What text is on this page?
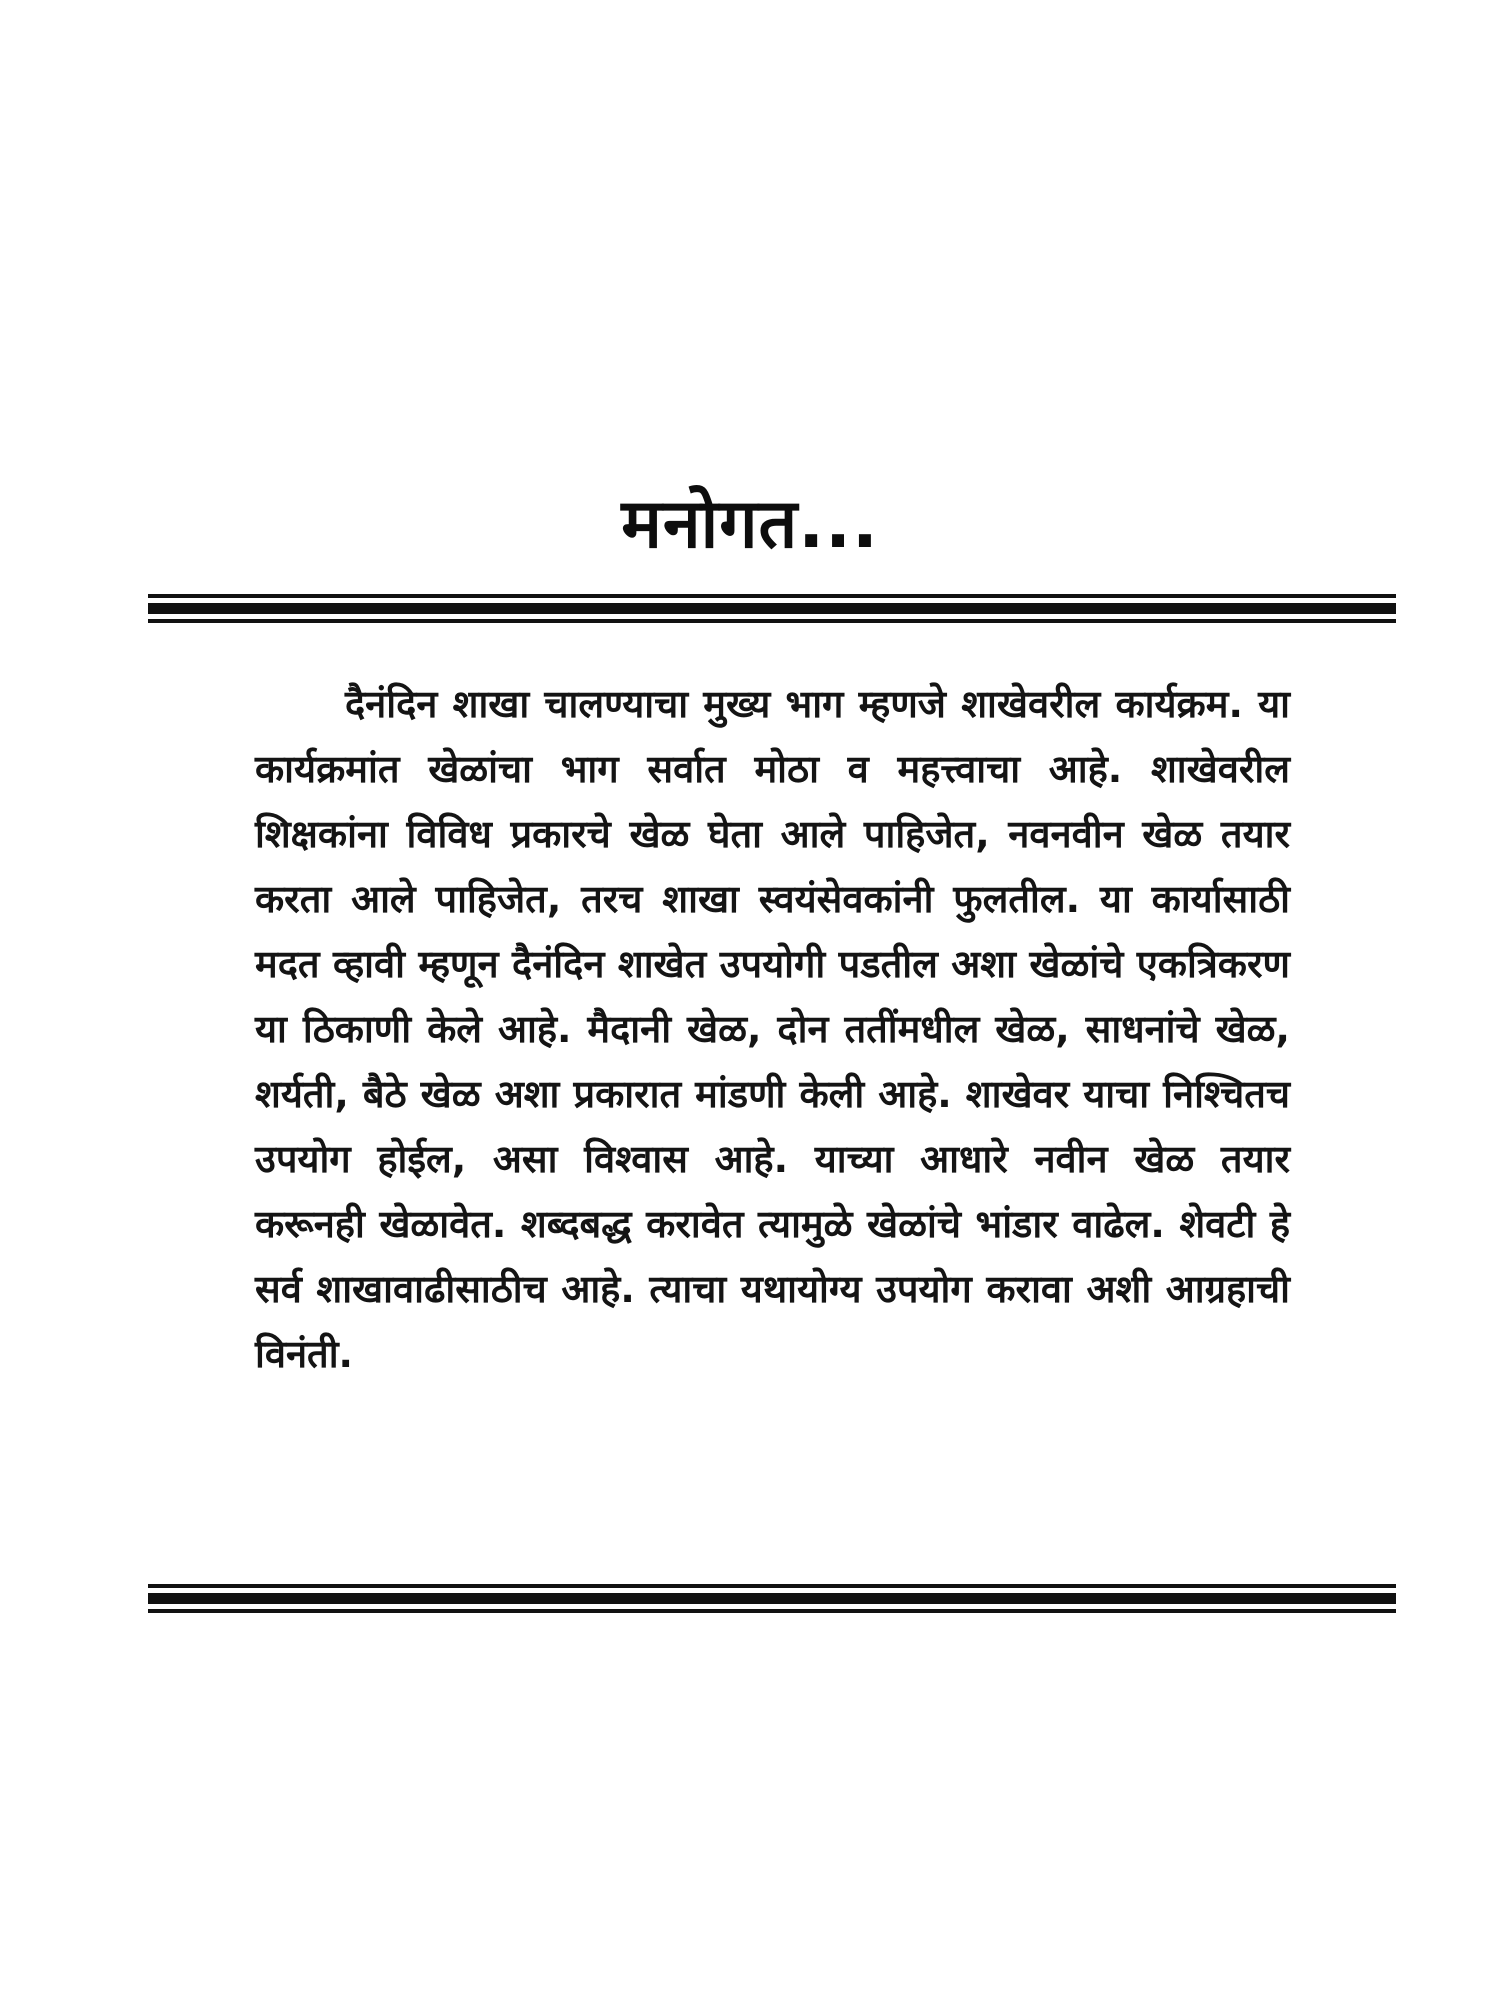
मनोगत...

दैनंदिन शाखा चालण्याचा मुख्य भाग म्हणजे शाखेवरील कार्यक्रम. या कार्यक्रमांत खेळांचा भाग सर्वात मोठा व महत्त्वाचा आहे. शाखेवरील शिक्षकांना विविध प्रकारचे खेळ घेता आले पाहिजेत, नवनवीन खेळ तयार करता आले पाहिजेत, तरच शाखा स्वयंसेवकांनी फुलतील. या कार्यासाठी मदत व्हावी म्हणून दैनंदिन शाखेत उपयोगी पडतील अशा खेळांचे एकत्रिकरण या ठिकाणी केले आहे. मैदानी खेळ, दोन ततींमधील खेळ, साधनांचे खेळ, शर्यती, बैठे खेळ अशा प्रकारात मांडणी केली आहे. शाखेवर याचा निश्चितच उपयोग होईल, असा विश्वास आहे. याच्या आधारे नवीन खेळ तयार करूनही खेळावेत. शब्दबद्ध करावेत त्यामुळे खेळांचे भांडार वाढेल. शेवटी हे सर्व शाखावाढीसाठीच आहे. त्याचा यथायोग्य उपयोग करावा अशी आग्रहाची विनंती.
